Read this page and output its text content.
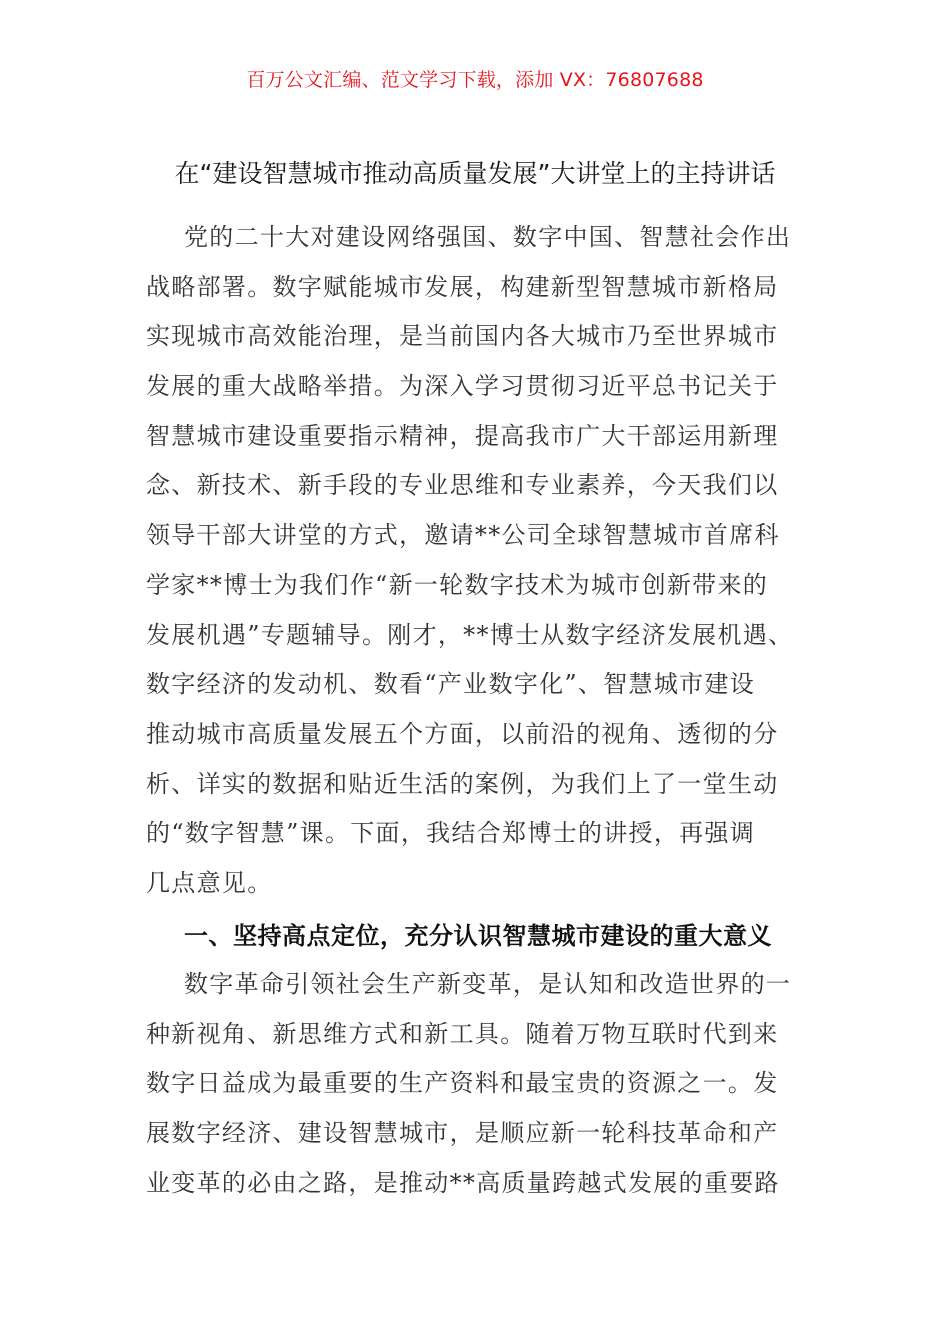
百万公文汇编、范文学习下载，添加 VX：76807688
在“建设智慧城市推动高质量发展”大讲堂上的主持讲话
党的二十大对建设网络强国、数字中国、智慧社会作出
战略部署。数字赋能城市发展，构建新型智慧城市新格局
实现城市高效能治理，是当前国内各大城市乃至世界城市
发展的重大战略举措。为深入学习贯彻习近平总书记关于
智慧城市建设重要指示精神，提高我市广大干部运用新理
念、新技术、新手段的专业思维和专业素养，今天我们以
领导干部大讲堂的方式，邀请**公司全球智慧城市首席科
学家**博士为我们作“新一轮数字技术为城市创新带来的
发展机遇”专题辅导。刚才，**博士从数字经济发展机遇、
数字经济的发动机、数看“产业数字化”、智慧城市建设
推动城市高质量发展五个方面，以前沿的视角、透彻的分
析、详实的数据和贴近生活的案例，为我们上了一堂生动
的“数字智慧”课。下面，我结合郑博士的讲授，再强调
几点意见。
一、坚持高点定位，充分认识智慧城市建设的重大意义
数字革命引领社会生产新变革，是认知和改造世界的一
种新视角、新思维方式和新工具。随着万物互联时代到来
数字日益成为最重要的生产资料和最宝贵的资源之一。发
展数字经济、建设智慧城市，是顺应新一轮科技革命和产
业变革的必由之路，是推动**高质量跨越式发展的重要路
